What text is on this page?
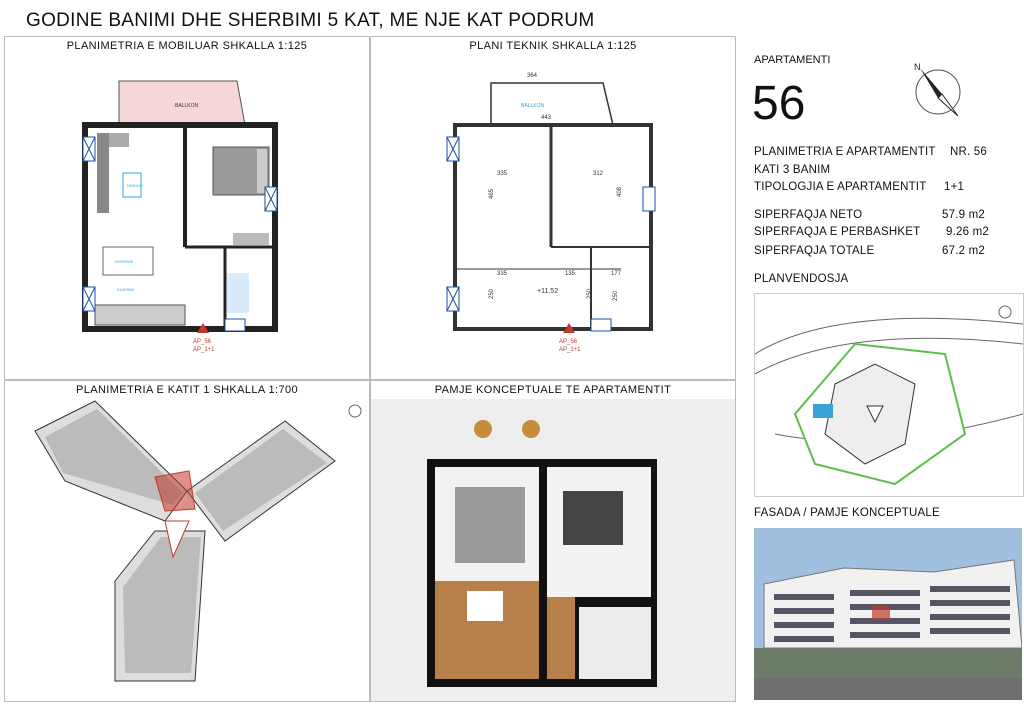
GODINE BANIMI DHE SHERBIMI 5 KAT, ME NJE KAT PODRUM
PLANIMETRIA E MOBILUAR SHKALLA 1:125
BALLKON
NDENJE
NGRENIE
KUZHINE
AP_56
AP_1+1
PLANI TEKNIK SHKALLA 1:125
BALLKON
364
443
335	312
465	408
335	135	177
250	250	250
+11.52
AP_56
AP_1+1
PLANIMETRIA E KATIT 1 SHKALLA 1:700	PAMJE KONCEPTUALE TE APARTAMENTIT
APARTAMENTI
56
N
PLANIMETRIA E APARTAMENTIT NR. 56
KATI 3 BANIM
TIPOLOGJIA E APARTAMENTIT 1+1
SIPERFAQJA NETO	57.9 m2
SIPERFAQJA E PERBASHKET 9.26 m2
SIPERFAQJA TOTALE	67.2 m2
PLANVENDOSJA
FASADA / PAMJE KONCEPTUALE
